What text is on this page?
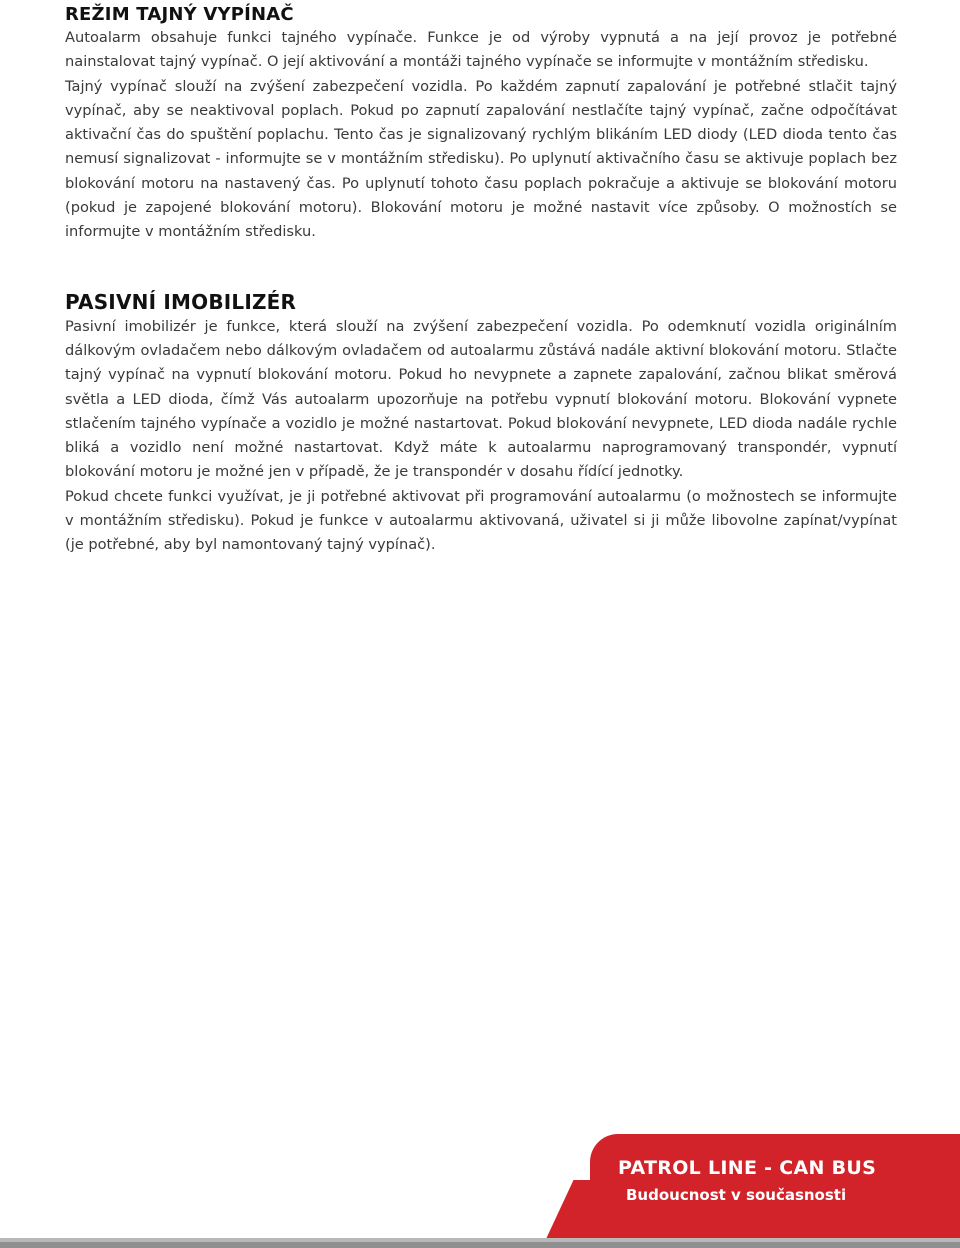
REŽIM TAJNÝ VYPÍNAČ

Autoalarm obsahuje funkci tajného vypínače. Funkce je od výroby vypnutá a na její provoz je potřebné nainstalovat tajný vypínač. O její aktivování a montáži tajného vypínače se informujte v montážním středisku.

Tajný vypínač slouží na zvýšení zabezpečení vozidla. Po každém zapnutí zapalování je potřebné stlačit tajný vypínač, aby se neaktivoval poplach. Pokud po zapnutí zapalování nestlačíte tajný vypínač, začne odpočítávat aktivační čas do spuštění poplachu. Tento čas je signalizovaný rychlým blikáním LED diody (LED dioda tento čas nemusí signalizovat - informujte se v montážním středisku). Po uplynutí aktivačního času se aktivuje poplach bez blokování motoru na nastavený čas. Po uplynutí tohoto času poplach pokračuje a aktivuje se blokování motoru (pokud je zapojené blokování motoru). Blokování motoru je možné nastavit více způsoby. O možnostích se informujte v montážním středisku.

PASIVNÍ IMOBILIZÉR

Pasivní imobilizér je funkce, která slouží na zvýšení zabezpečení vozidla. Po odemknutí vozidla originálním dálkovým ovladačem nebo dálkovým ovladačem od autoalarmu zůstává nadále aktivní blokování motoru. Stlačte tajný vypínač na vypnutí blokování motoru. Pokud ho nevypnete a zapnete zapalování, začnou blikat směrová světla a LED dioda, čímž Vás autoalarm upozorňuje na potřebu vypnutí blokování motoru. Blokování vypnete stlačením tajného vypínače a vozidlo je možné nastartovat. Pokud blokování nevypnete, LED dioda nadále rychle bliká a vozidlo není možné nastartovat. Když máte k autoalarmu naprogramovaný transpondér, vypnutí blokování motoru je možné jen v případě, že je transpondér v dosahu řídící jednotky.

Pokud chcete funkci využívat, je ji potřebné aktivovat při programování autoalarmu (o možnostech se informujte v montážním středisku). Pokud je funkce v autoalarmu aktivovaná, uživatel si ji může libovolne zapínat/vypínat (je potřebné, aby byl namontovaný tajný vypínač).

PATROL LINE - CAN BUS
Budoucnost v současnosti
